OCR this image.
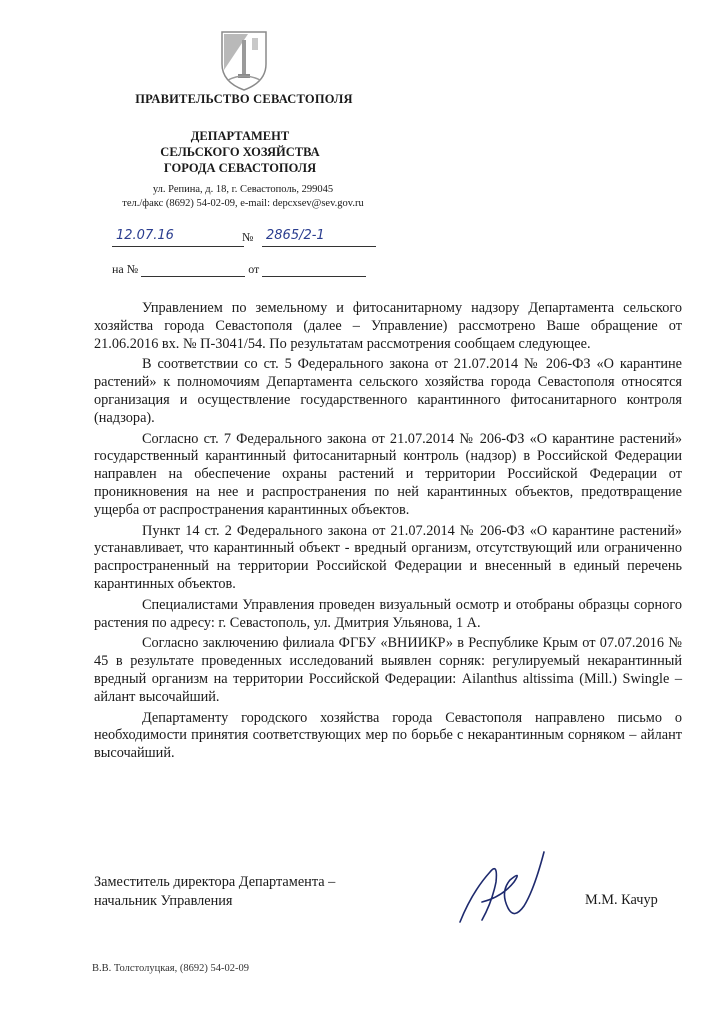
ПРАВИТЕЛЬСТВО СЕВАСТОПОЛЯ
ДЕПАРТАМЕНТ
СЕЛЬСКОГО ХОЗЯЙСТВА
ГОРОДА СЕВАСТОПОЛЯ
ул. Репина, д. 18, г. Севастополь, 299045
тел./факс (8692) 54-02-09, e-mail: depcxsev@sev.gov.ru
12.07.16	№ 2865/2-1
на №	от

Управлением по земельному и фитосанитарному надзору Департамента сельского хозяйства города Севастополя (далее – Управление) рассмотрено Ваше обращение от 21.06.2016 вх. № П-3041/54. По результатам рассмотрения сообщаем следующее.

В соответствии со ст. 5 Федерального закона от 21.07.2014 № 206-ФЗ «О карантине растений» к полномочиям Департамента сельского хозяйства города Севастополя относятся организация и осуществление государственного карантинного фитосанитарного контроля (надзора).

Согласно ст. 7 Федерального закона от 21.07.2014 № 206-ФЗ «О карантине растений» государственный карантинный фитосанитарный контроль (надзор) в Российской Федерации направлен на обеспечение охраны растений и территории Российской Федерации от проникновения на нее и распространения по ней карантинных объектов, предотвращение ущерба от распространения карантинных объектов.

Пункт 14 ст. 2 Федерального закона от 21.07.2014 № 206-ФЗ «О карантине растений» устанавливает, что карантинный объект - вредный организм, отсутствующий или ограниченно распространенный на территории Российской Федерации и внесенный в единый перечень карантинных объектов.

Специалистами Управления проведен визуальный осмотр и отобраны образцы сорного растения по адресу: г. Севастополь, ул. Дмитрия Ульянова, 1 А.

Согласно заключению филиала ФГБУ «ВНИИКР» в Республике Крым от 07.07.2016 № 45 в результате проведенных исследований выявлен сорняк: регулируемый некарантинный вредный организм на территории Российской Федерации: Ailanthus altissima (Mill.) Swingle – айлант высочайший.

Департаменту городского хозяйства города Севастополя направлено письмо о необходимости принятия соответствующих мер по борьбе с некарантинным сорняком – айлант высочайший.

Заместитель директора Департамента –
начальник Управления	М.М. Качур
В.В. Толстолуцкая, (8692) 54-02-09
